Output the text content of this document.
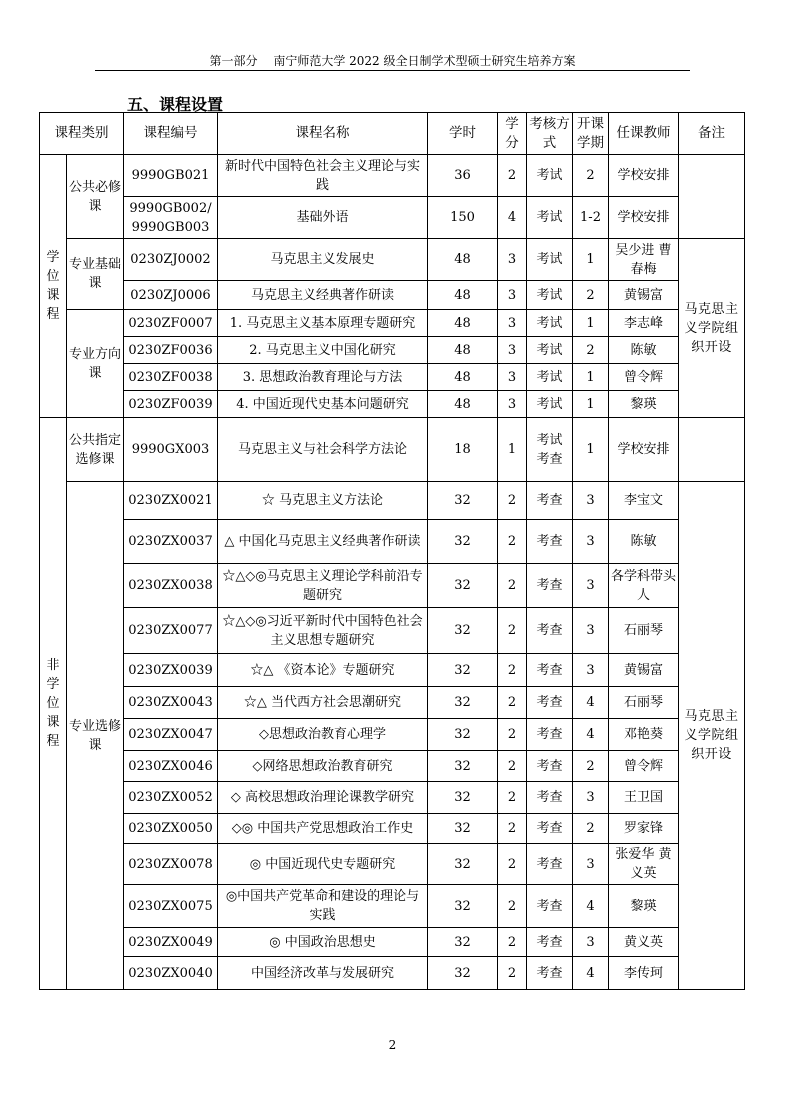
第一部分 南宁师范大学 2022 级全日制学术型硕士研究生培养方案
五、课程设置
课程类别		课程编号	课程名称	学时	学分	考核方式	开课学期	任课教师	备注
学位课程	公共必修课	9990GB021	新时代中国特色社会主义理论与实践	36	2	考试	2	学校安排	
		9990GB002/ 9990GB003	基础外语	150	4	考试	1-2	学校安排	
	专业基础课	0230ZJ0002	马克思主义发展史	48	3	考试	1	吴少进 曹春梅	马克思主义学院组织开设
		0230ZJ0006	马克思主义经典著作研读	48	3	考试	2	黄锡富	
	专业方向课	0230ZF0007	1. 马克思主义基本原理专题研究	48	3	考试	1	李志峰	
		0230ZF0036	2. 马克思主义中国化研究	48	3	考试	2	陈敏	
		0230ZF0038	3. 思想政治教育理论与方法	48	3	考试	1	曾令辉	
		0230ZF0039	4. 中国近现代史基本问题研究	48	3	考试	1	黎瑛	
非学位课程	公共指定选修课	9990GX003	马克思主义与社会科学方法论	18	1	考试 考查	1	学校安排	
	专业选修课	0230ZX0021	☆ 马克思主义方法论	32	2	考查	3	李宝文	马克思主义学院组织开设
		0230ZX0037	△ 中国化马克思主义经典著作研读	32	2	考查	3	陈敏	
		0230ZX0038	☆△◇◎马克思主义理论学科前沿专题研究	32	2	考查	3	各学科带头人	
		0230ZX0077	☆△◇◎习近平新时代中国特色社会主义思想专题研究	32	2	考查	3	石丽琴	
		0230ZX0039	☆△ 《资本论》专题研究	32	2	考查	3	黄锡富	
		0230ZX0043	☆△ 当代西方社会思潮研究	32	2	考查	4	石丽琴	
		0230ZX0047	◇思想政治教育心理学	32	2	考查	4	邓艳葵	
		0230ZX0046	◇网络思想政治教育研究	32	2	考查	2	曾令辉	
		0230ZX0052	◇ 高校思想政治理论课教学研究	32	2	考查	3	王卫国	
		0230ZX0050	◇◎ 中国共产党思想政治工作史	32	2	考查	2	罗家锋	
		0230ZX0078	◎ 中国近现代史专题研究	32	2	考查	3	张爱华 黄义英	
		0230ZX0075	◎中国共产党革命和建设的理论与实践	32	2	考查	4	黎瑛	
		0230ZX0049	◎ 中国政治思想史	32	2	考查	3	黄义英	
		0230ZX0040	中国经济改革与发展研究	32	2	考查	4	李传珂	
2
